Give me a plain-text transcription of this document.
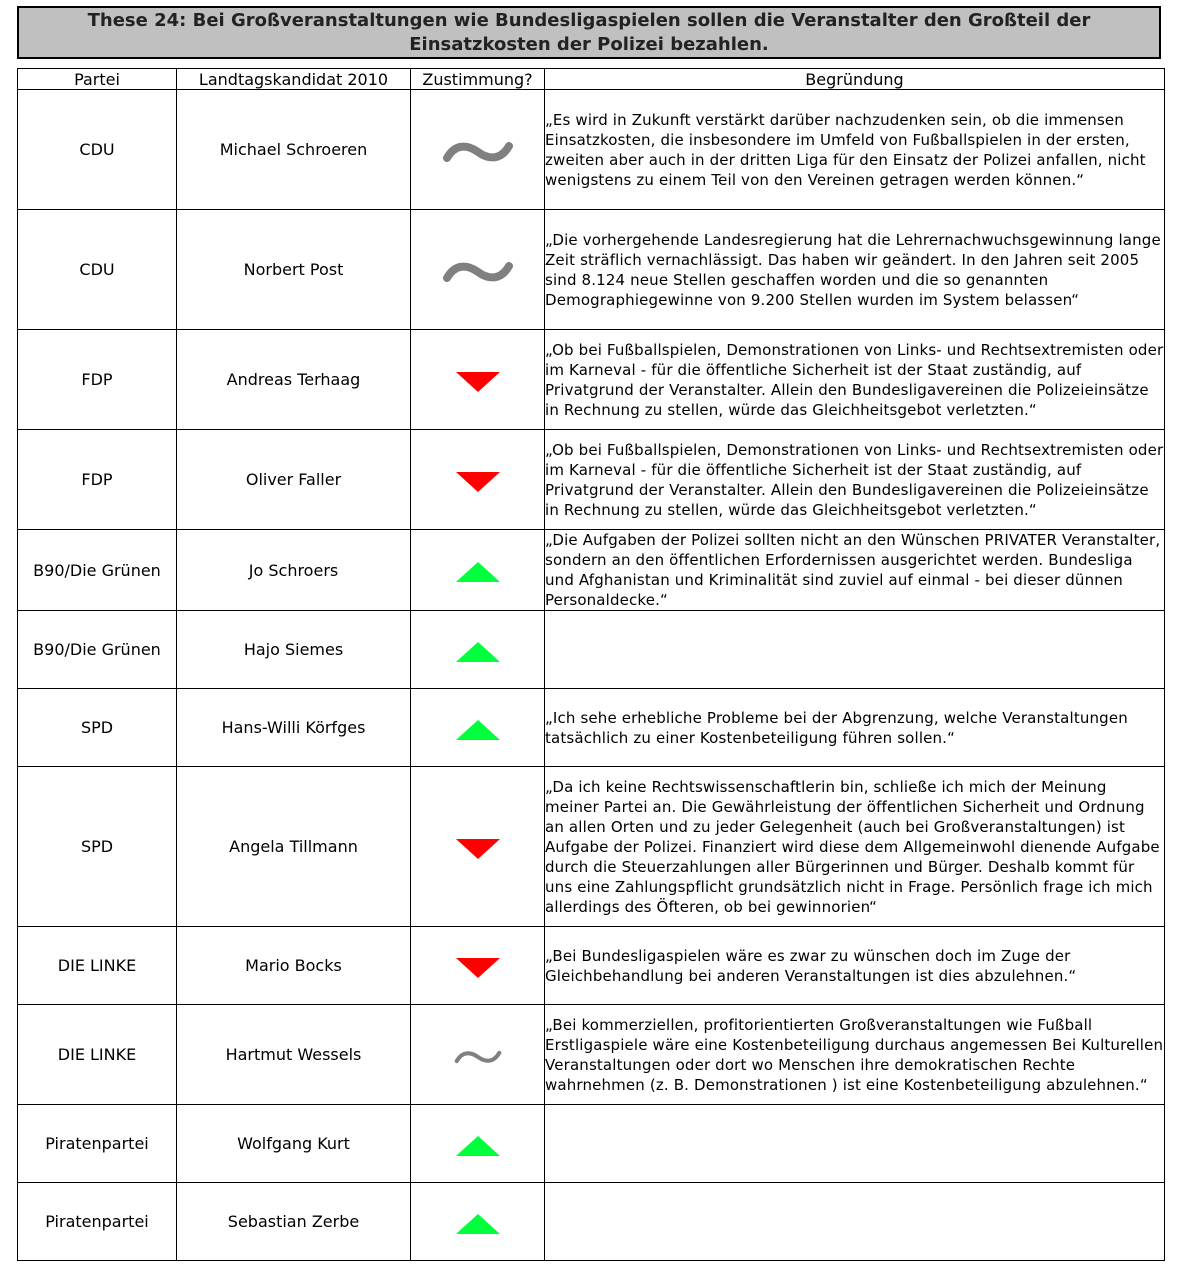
These 24: Bei Großveranstaltungen wie Bundesligaspielen sollen die Veranstalter den Großteil der Einsatzkosten der Polizei bezahlen.
Partei	Landtagskandidat 2010	Zustimmung?	Begründung
CDU	Michael Schroeren		„Es wird in Zukunft verstärkt darüber nachzudenken sein, ob die immensen Einsatzkosten, die insbesondere im Umfeld von Fußballspielen in der ersten, zweiten aber auch in der dritten Liga für den Einsatz der Polizei anfallen, nicht wenigstens zu einem Teil von den Vereinen getragen werden können.“
CDU	Norbert Post		„Die vorhergehende Landesregierung hat die Lehrernachwuchsgewinnung lange Zeit sträflich vernachlässigt. Das haben wir geändert. In den Jahren seit 2005 sind 8.124 neue Stellen geschaffen worden und die so genannten Demographiegewinne von 9.200 Stellen wurden im System belassen“
FDP	Andreas Terhaag		„Ob bei Fußballspielen, Demonstrationen von Links- und Rechtsextremisten oder im Karneval - für die öffentliche Sicherheit ist der Staat zuständig, auf Privatgrund der Veranstalter. Allein den Bundesligavereinen die Polizeieinsätze in Rechnung zu stellen, würde das Gleichheitsgebot verletzten.“
FDP	Oliver Faller		„Ob bei Fußballspielen, Demonstrationen von Links- und Rechtsextremisten oder im Karneval - für die öffentliche Sicherheit ist der Staat zuständig, auf Privatgrund der Veranstalter. Allein den Bundesligavereinen die Polizeieinsätze in Rechnung zu stellen, würde das Gleichheitsgebot verletzten.“
B90/Die Grünen	Jo Schroers		„Die Aufgaben der Polizei sollten nicht an den Wünschen PRIVATER Veranstalter, sondern an den öffentlichen Erfordernissen ausgerichtet werden. Bundesliga und Afghanistan und Kriminalität sind zuviel auf einmal - bei dieser dünnen Personaldecke.“
B90/Die Grünen	Hajo Siemes		
SPD	Hans-Willi Körfges		„Ich sehe erhebliche Probleme bei der Abgrenzung, welche Veranstaltungen tatsächlich zu einer Kostenbeteiligung führen sollen.“
SPD	Angela Tillmann		„Da ich keine Rechtswissenschaftlerin bin, schließe ich mich der Meinung meiner Partei an. Die Gewährleistung der öffentlichen Sicherheit und Ordnung an allen Orten und zu jeder Gelegenheit (auch bei Großveranstaltungen) ist Aufgabe der Polizei. Finanziert wird diese dem Allgemeinwohl dienende Aufgabe durch die Steuerzahlungen aller Bürgerinnen und Bürger. Deshalb kommt für uns eine Zahlungspflicht grundsätzlich nicht in Frage. Persönlich frage ich mich allerdings des Öfteren, ob bei gewinnorien“
DIE LINKE	Mario Bocks		„Bei Bundesligaspielen wäre es zwar zu wünschen doch im Zuge der Gleichbehandlung bei anderen Veranstaltungen ist dies abzulehnen.“
DIE LINKE	Hartmut Wessels		„Bei kommerziellen, profitorientierten Großveranstaltungen wie Fußball Erstligaspiele wäre eine Kostenbeteiligung durchaus angemessen Bei Kulturellen Veranstaltungen oder dort wo Menschen ihre demokratischen Rechte wahrnehmen (z. B. Demonstrationen ) ist eine Kostenbeteiligung abzulehnen.“
Piratenpartei	Wolfgang Kurt		
Piratenpartei	Sebastian Zerbe		
